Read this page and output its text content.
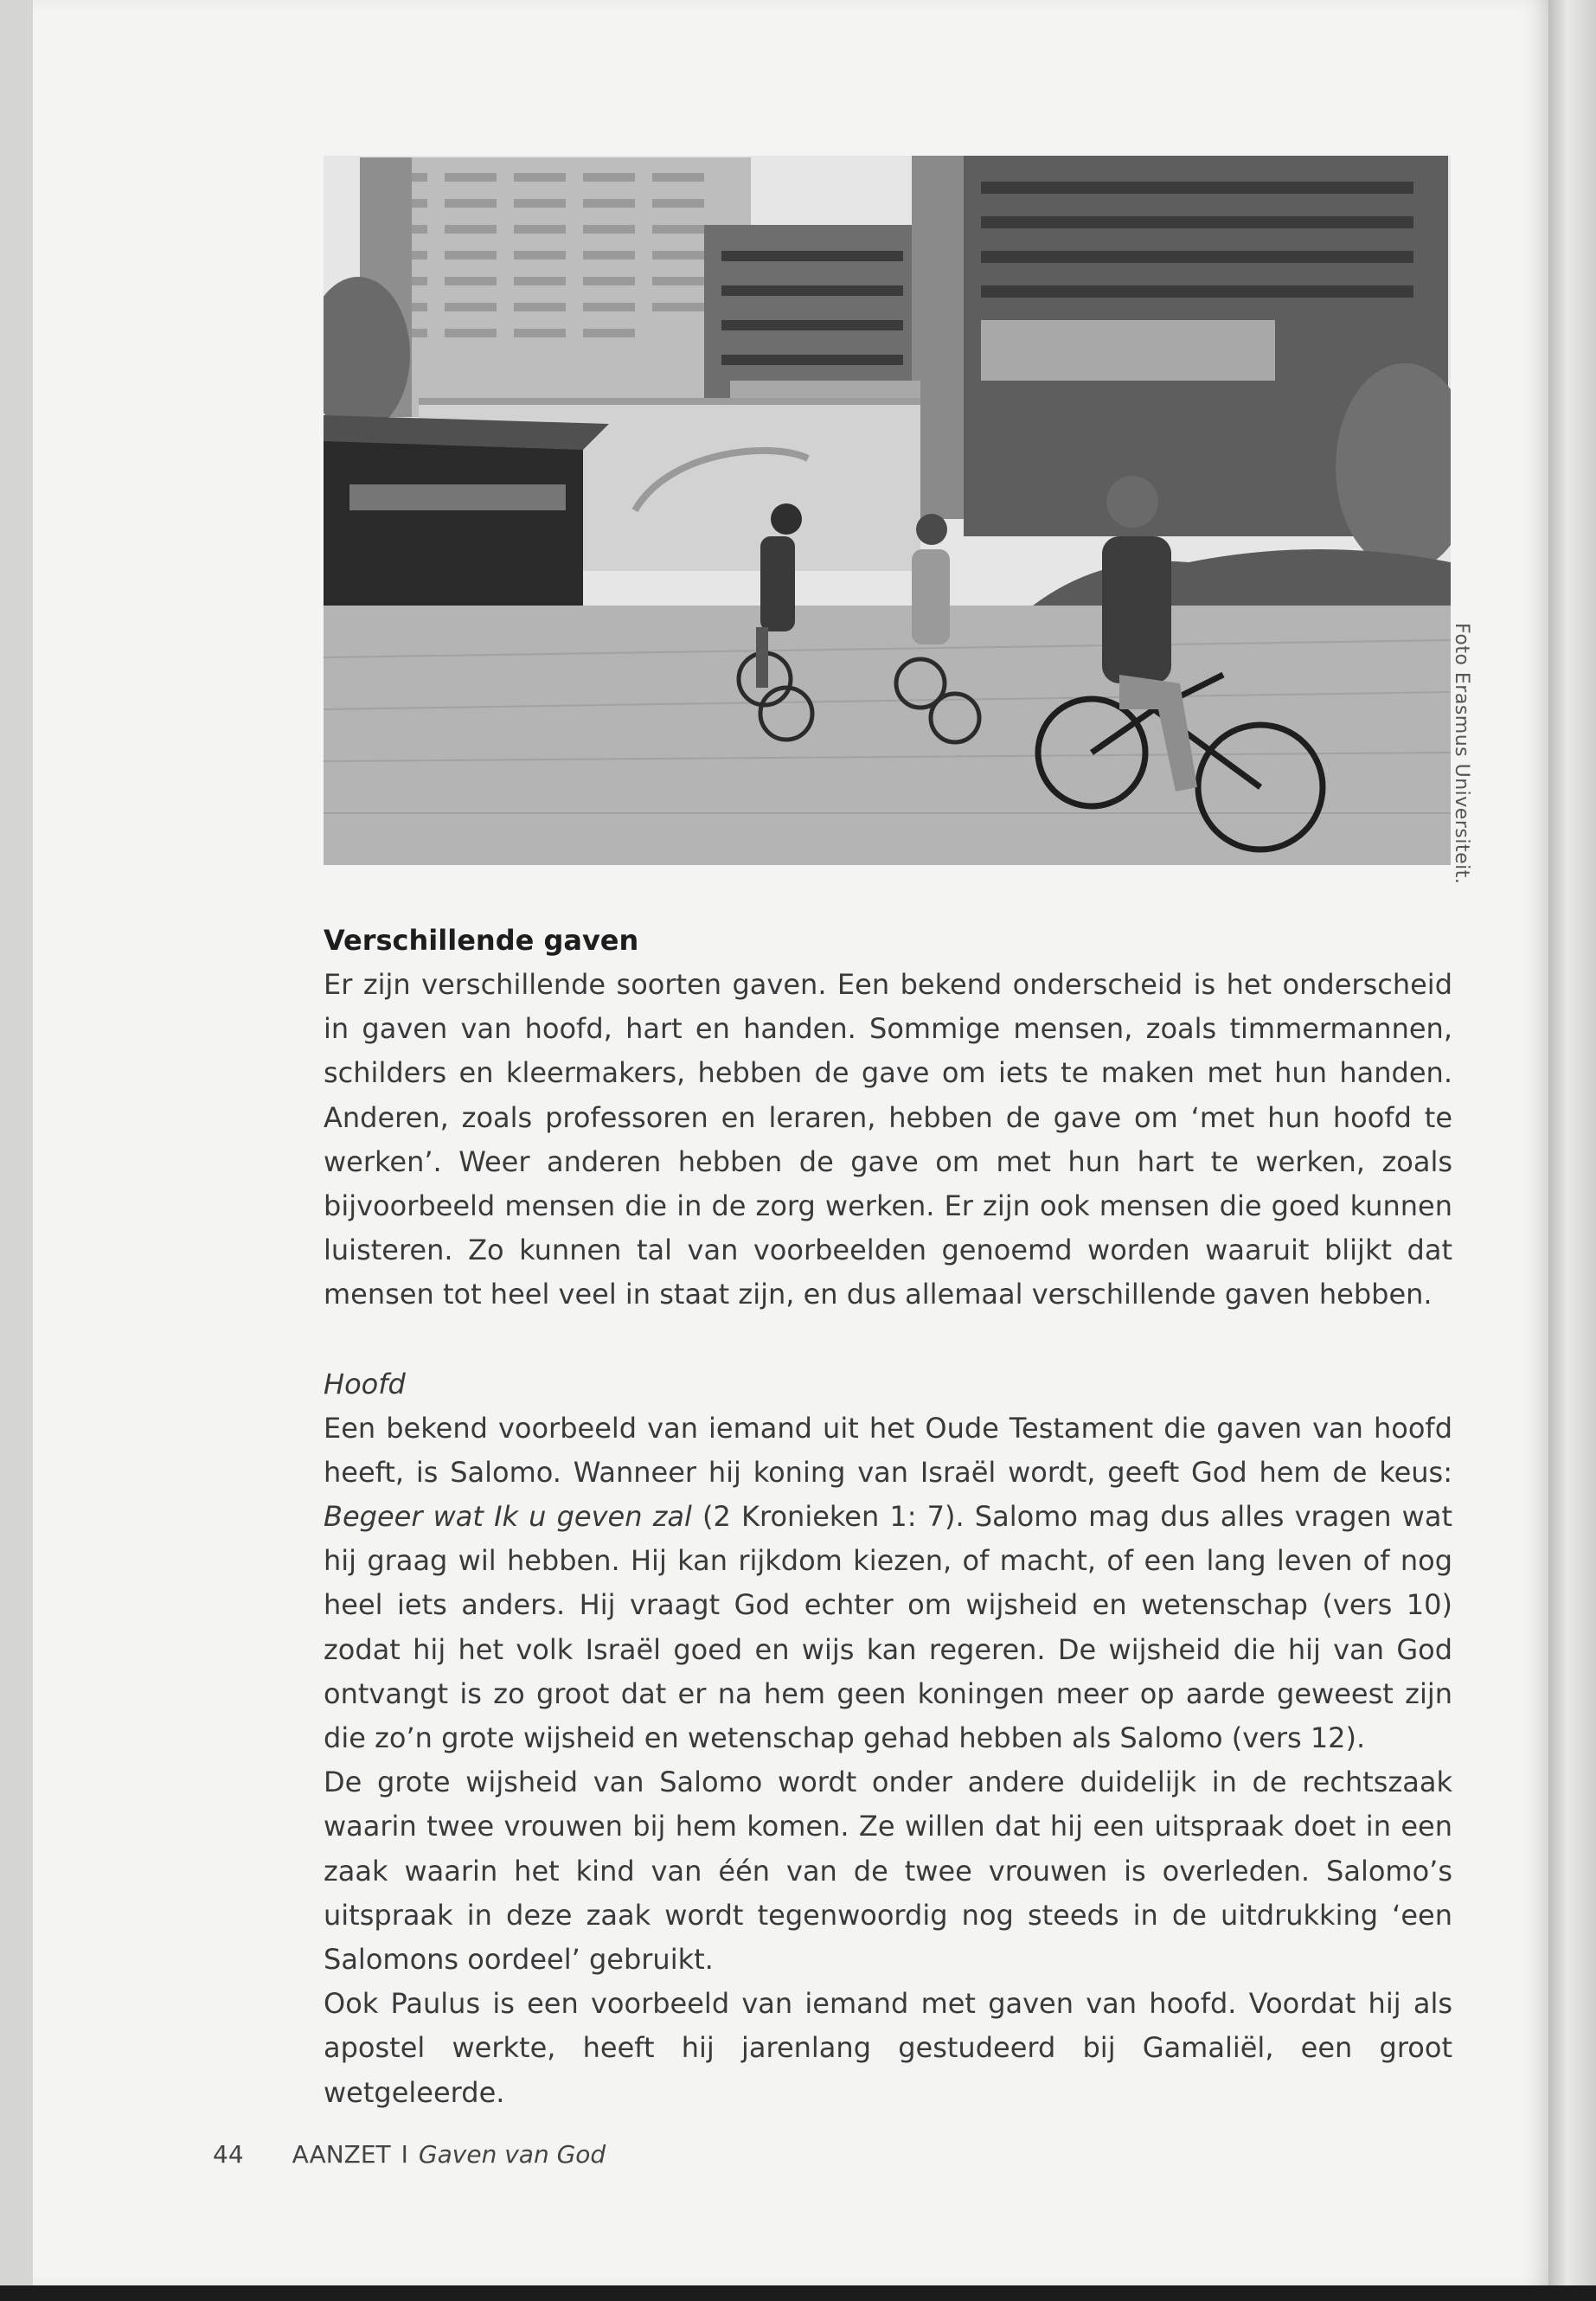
Foto Erasmus Universiteit.
Verschillende gaven

Er zijn verschillende soorten gaven. Een bekend onderscheid is het onderscheid in gaven van hoofd, hart en handen. Sommige mensen, zoals timmermannen, schilders en kleermakers, hebben de gave om iets te maken met hun handen. Anderen, zoals professoren en leraren, hebben de gave om ‘met hun hoofd te werken’. Weer anderen hebben de gave om met hun hart te werken, zoals bijvoorbeeld mensen die in de zorg werken. Er zijn ook mensen die goed kunnen luisteren. Zo kunnen tal van voorbeelden genoemd worden waaruit blijkt dat mensen tot heel veel in staat zijn, en dus allemaal verschillende gaven hebben.

Hoofd

Een bekend voorbeeld van iemand uit het Oude Testament die gaven van hoofd heeft, is Salomo. Wanneer hij koning van Israël wordt, geeft God hem de keus: Begeer wat Ik u geven zal (2 Kronieken 1: 7). Salomo mag dus alles vragen wat hij graag wil hebben. Hij kan rijkdom kiezen, of macht, of een lang leven of nog heel iets anders. Hij vraagt God echter om wijsheid en wetenschap (vers 10) zodat hij het volk Israël goed en wijs kan regeren. De wijsheid die hij van God ontvangt is zo groot dat er na hem geen koningen meer op aarde geweest zijn die zo’n grote wijsheid en wetenschap gehad hebben als Salomo (vers 12).

De grote wijsheid van Salomo wordt onder andere duidelijk in de rechtszaak waarin twee vrouwen bij hem komen. Ze willen dat hij een uitspraak doet in een zaak waarin het kind van één van de twee vrouwen is overleden. Salomo’s uitspraak in deze zaak wordt tegenwoordig nog steeds in de uitdrukking ‘een Salomons oordeel’ gebruikt.

Ook Paulus is een voorbeeld van iemand met gaven van hoofd. Voordat hij als apostel werkte, heeft hij jarenlang gestudeerd bij Gamaliël, een groot wetgeleerde.

44 AANZET I Gaven van God
